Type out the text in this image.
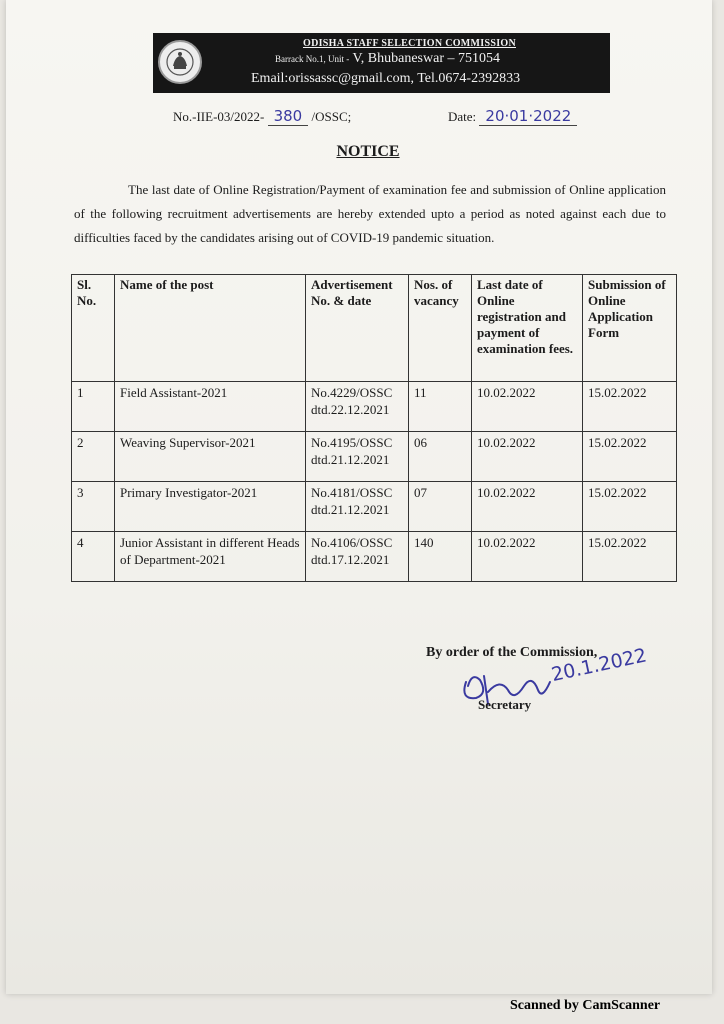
ODISHA STAFF SELECTION COMMISSION
Barrack No.1, Unit - V, Bhubaneswar – 751054
Email:orissassc@gmail.com, Tel.0674-2392833
No.-IIE-03/2022- 380 /OSSC;	Date: 20·01·2022
NOTICE
The last date of Online Registration/Payment of examination fee and submission of Online application of the following recruitment advertisements are hereby extended upto a period as noted against each due to difficulties faced by the candidates arising out of COVID-19 pandemic situation.
Sl. No.	Name of the post	Advertisement No. & date	Nos. of vacancy	Last date of Online registration and payment of examination fees.	Submission of Online Application Form
1	Field Assistant-2021	No.4229/OSSC dtd.22.12.2021	11	10.02.2022	15.02.2022
2	Weaving Supervisor-2021	No.4195/OSSC dtd.21.12.2021	06	10.02.2022	15.02.2022
3	Primary Investigator-2021	No.4181/OSSC dtd.21.12.2021	07	10.02.2022	15.02.2022
4	Junior Assistant in different Heads of Department-2021	No.4106/OSSC dtd.17.12.2021	140	10.02.2022	15.02.2022
By order of the Commission,
20.1.2022
Secretary
Scanned by CamScanner
